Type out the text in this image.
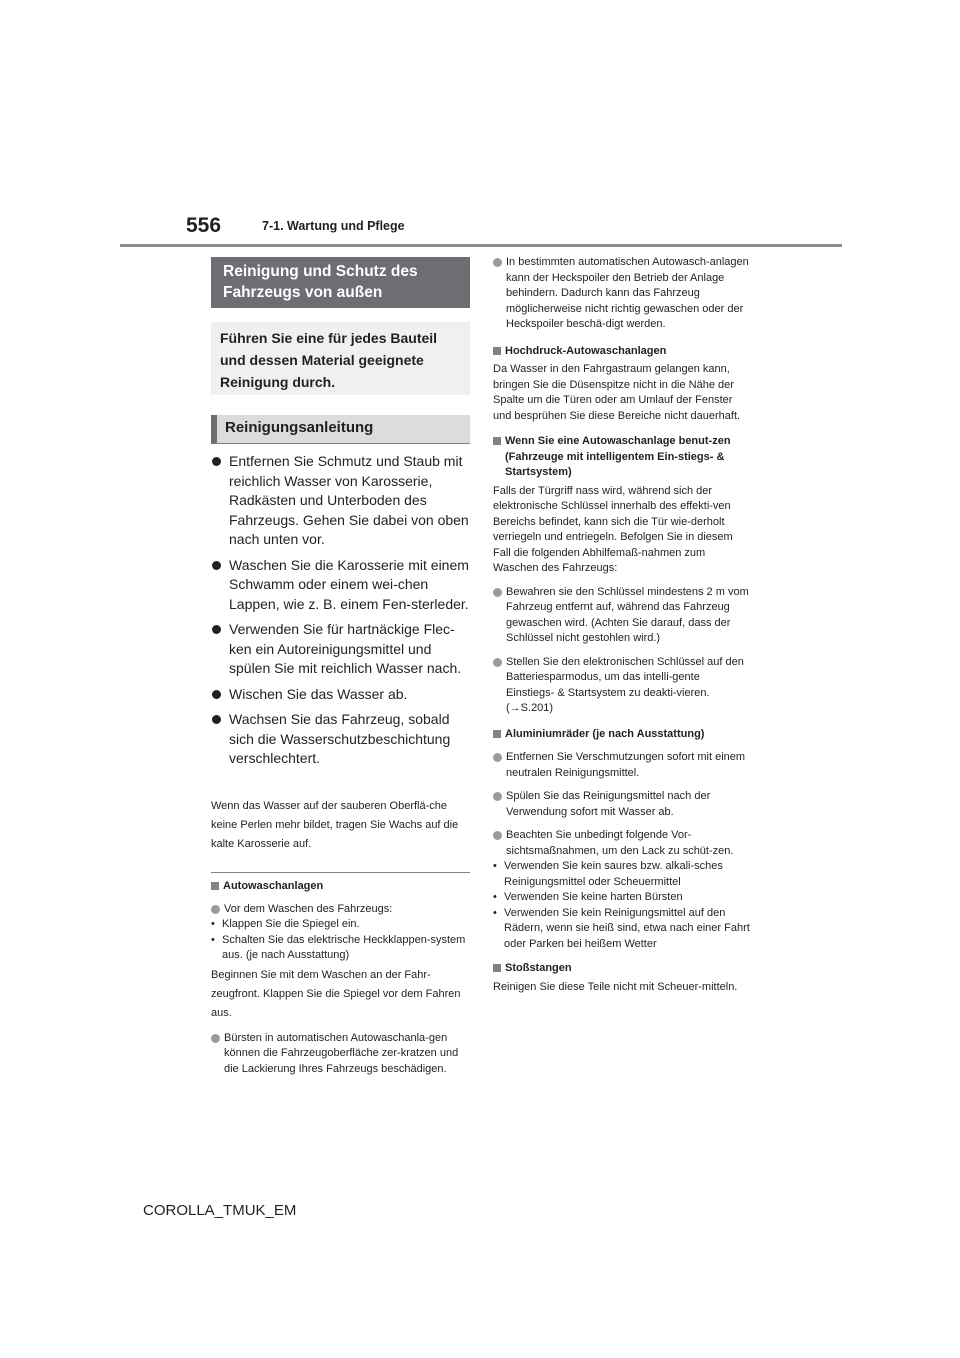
556	7-1. Wartung und Pflege
Reinigung und Schutz des Fahrzeugs von außen
Führen Sie eine für jedes Bauteil und dessen Material geeignete Reinigung durch.
Reinigungsanleitung
Entfernen Sie Schmutz und Staub mit reichlich Wasser von Karosserie, Radkästen und Unterboden des Fahrzeugs. Gehen Sie dabei von oben nach unten vor.
Waschen Sie die Karosserie mit einem Schwamm oder einem wei-chen Lappen, wie z. B. einem Fen-sterleder.
Verwenden Sie für hartnäckige Flec-ken ein Autoreinigungsmittel und spülen Sie mit reichlich Wasser nach.
Wischen Sie das Wasser ab.
Wachsen Sie das Fahrzeug, sobald sich die Wasserschutzbeschichtung verschlechtert.
Wenn das Wasser auf der sauberen Oberflä-che keine Perlen mehr bildet, tragen Sie Wachs auf die kalte Karosserie auf.
Autowaschanlagen
Vor dem Waschen des Fahrzeugs:
• Klappen Sie die Spiegel ein.
• Schalten Sie das elektrische Heckklappen-system aus. (je nach Ausstattung)
Beginnen Sie mit dem Waschen an der Fahr-zeugfront. Klappen Sie die Spiegel vor dem Fahren aus.
Bürsten in automatischen Autowaschanla-gen können die Fahrzeugoberfläche zer-kratzen und die Lackierung Ihres Fahrzeugs beschädigen.
In bestimmten automatischen Autowasch-anlagen kann der Heckspoiler den Betrieb der Anlage behindern. Dadurch kann das Fahrzeug möglicherweise nicht richtig gewaschen oder der Heckspoiler beschä-digt werden.
Hochdruck-Autowaschanlagen
Da Wasser in den Fahrgastraum gelangen kann, bringen Sie die Düsenspitze nicht in die Nähe der Spalte um die Türen oder am Umlauf der Fenster und besprühen Sie diese Bereiche nicht dauerhaft.
Wenn Sie eine Autowaschanlage benut-zen (Fahrzeuge mit intelligentem Ein-stiegs- & Startsystem)
Falls der Türgriff nass wird, während sich der elektronische Schlüssel innerhalb des effekti-ven Bereichs befindet, kann sich die Tür wie-derholt verriegeln und entriegeln. Befolgen Sie in diesem Fall die folgenden Abhilfemaß-nahmen zum Waschen des Fahrzeugs:
Bewahren sie den Schlüssel mindestens 2 m vom Fahrzeug entfernt auf, während das Fahrzeug gewaschen wird. (Achten Sie darauf, dass der Schlüssel nicht gestohlen wird.)
Stellen Sie den elektronischen Schlüssel auf den Batteriesparmodus, um das intelli-gente Einstiegs- & Startsystem zu deakti-vieren. (→S.201)
Aluminiumräder (je nach Ausstattung)
Entfernen Sie Verschmutzungen sofort mit einem neutralen Reinigungsmittel.
Spülen Sie das Reinigungsmittel nach der Verwendung sofort mit Wasser ab.
Beachten Sie unbedingt folgende Vor-sichtsmaßnahmen, um den Lack zu schüt-zen.
• Verwenden Sie kein saures bzw. alkali-sches Reinigungsmittel oder Scheuermittel
• Verwenden Sie keine harten Bürsten
• Verwenden Sie kein Reinigungsmittel auf den Rädern, wenn sie heiß sind, etwa nach einer Fahrt oder Parken bei heißem Wetter
Stoßstangen
Reinigen Sie diese Teile nicht mit Scheuer-mitteln.
COROLLA_TMUK_EM
